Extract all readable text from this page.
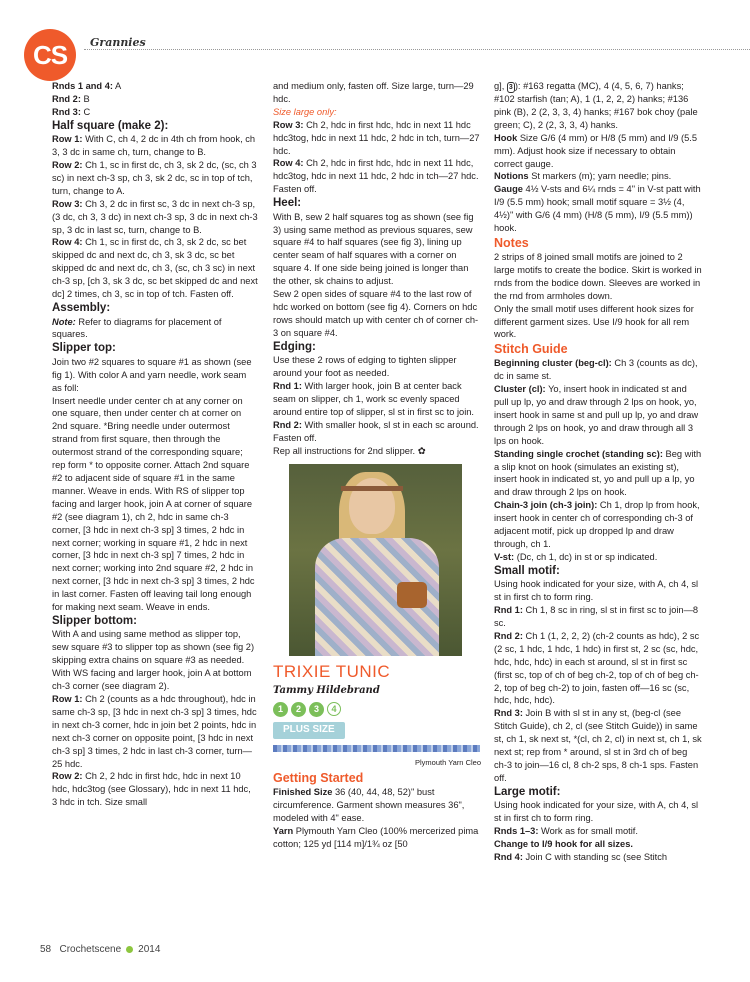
CS	Grannies

Rnds 1 and 4: A

Rnd 2: B

Rnd 3: C

Half square (make 2):

Row 1: With C, ch 4, 2 dc in 4th ch from hook, ch 3, 3 dc in same ch, turn, change to B.

Row 2: Ch 1, sc in first dc, ch 3, sk 2 dc, (sc, ch 3 sc) in next ch-3 sp, ch 3, sk 2 dc, sc in top of tch, turn, change to A.

Row 3: Ch 3, 2 dc in first sc, 3 dc in next ch-3 sp, (3 dc, ch 3, 3 dc) in next ch-3 sp, 3 dc in next ch-3 sp, 3 dc in last sc, turn, change to B.

Row 4: Ch 1, sc in first dc, ch 3, sk 2 dc, sc bet skipped dc and next dc, ch 3, sk 3 dc, sc bet skipped dc and next dc, ch 3, (sc, ch 3 sc) in next ch-3 sp, [ch 3, sk 3 dc, sc bet skipped dc and next dc] 2 times, ch 3, sc in top of tch. Fasten off.

Assembly:

Note: Refer to diagrams for placement of squares.

Slipper top:

Join two #2 squares to square #1 as shown (see fig 1). With color A and yarn needle, work seam as foll:

Insert needle under center ch at any corner on one square, then under center ch at corner on 2nd square. *Bring needle under outermost strand from first square, then through the outermost strand of the corresponding square; rep form * to opposite corner. Attach 2nd square #2 to adjacent side of square #1 in the same manner. Weave in ends. With RS of slipper top facing and larger hook, join A at corner of square #2 (see diagram 1), ch 2, hdc in same ch-3 corner, [3 hdc in next ch-3 sp] 3 times, 2 hdc in next corner; working in square #1, 2 hdc in next corner, [3 hdc in next ch-3 sp] 7 times, 2 hdc in next corner; working into 2nd square #2, 2 hdc in next corner, [3 hdc in next ch-3 sp] 3 times, 2 hdc in last corner. Fasten off leaving tail long enough for making next seam. Weave in ends.

Slipper bottom:

With A and using same method as slipper top, sew square #3 to slipper top as shown (see fig 2) skipping extra chains on square #3 as needed.

With WS facing and larger hook, join A at bottom ch-3 corner (see diagram 2).

Row 1: Ch 2 (counts as a hdc throughout), hdc in same ch-3 sp, [3 hdc in next ch-3 sp] 3 times, hdc in next ch-3 corner, hdc in join bet 2 points, hdc in next ch-3 corner on opposite point, [3 hdc in next ch-3 sp] 3 times, 2 hdc in last ch-3 corner, turn—25 hdc.

Row 2: Ch 2, 2 hdc in first hdc, hdc in next 10 hdc, hdc3tog (see Glossary), hdc in next 11 hdc, 3 hdc in tch. Size small

and medium only, fasten off. Size large, turn—29 hdc.

Size large only:

Row 3: Ch 2, hdc in first hdc, hdc in next 11 hdc hdc3tog, hdc in next 11 hdc, 2 hdc in tch, turn—27 hdc.

Row 4: Ch 2, hdc in first hdc, hdc in next 11 hdc, hdc3tog, hdc in next 11 hdc, 2 hdc in tch—27 hdc. Fasten off.

Heel:

With B, sew 2 half squares tog as shown (see fig 3) using same method as previous squares, sew square #4 to half squares (see fig 3), lining up center seam of half squares with a corner on square 4. If one side being joined is longer than the other, sk chains to adjust.

Sew 2 open sides of square #4 to the last row of hdc worked on bottom (see fig 4). Corners on hdc rows should match up with center ch of corner ch-3 on square #4.

Edging:

Use these 2 rows of edging to tighten slipper around your foot as needed.

Rnd 1: With larger hook, join B at center back seam on slipper, ch 1, work sc evenly spaced around entire top of slipper, sl st in first sc to join.

Rnd 2: With smaller hook, sl st in each sc around. Fasten off.

Rep all instructions for 2nd slipper. ✿

TRIXIE TUNIC
Tammy Hildebrand
1 2 3 4
PLUS SIZE
Plymouth Yarn Cleo

Getting Started

Finished Size 36 (40, 44, 48, 52)" bust circumference. Garment shown measures 36", modeled with 4" ease.

Yarn Plymouth Yarn Cleo (100% mercerized pima cotton; 125 yd [114 m]/1¾ oz [50

g], 3 ): #163 regatta (MC), 4 (4, 5, 6, 7) hanks; #102 starfish (tan; A), 1 (1, 2, 2, 2) hanks; #136 pink (B), 2 (2, 3, 3, 4) hanks; #167 bok choy (pale green; C), 2 (2, 3, 3, 4) hanks.

Hook Size G/6 (4 mm) or H/8 (5 mm) and I/9 (5.5 mm). Adjust hook size if necessary to obtain correct gauge.

Notions St markers (m); yarn needle; pins.

Gauge 4½ V-sts and 6¼ rnds = 4" in V-st patt with I/9 (5.5 mm) hook; small motif square = 3½ (4, 4½)" with G/6 (4 mm) (H/8 (5 mm), I/9 (5.5 mm)) hook.

Notes

2 strips of 8 joined small motifs are joined to 2 large motifs to create the bodice. Skirt is worked in rnds from the bodice down. Sleeves are worked in the rnd from armholes down.

Only the small motif uses different hook sizes for different garment sizes. Use I/9 hook for all rem work.

Stitch Guide

Beginning cluster (beg-cl): Ch 3 (counts as dc), dc in same st.

Cluster (cl): Yo, insert hook in indicated st and pull up lp, yo and draw through 2 lps on hook, yo, insert hook in same st and pull up lp, yo and draw through 2 lps on hook, yo and draw through all 3 lps on hook.

Standing single crochet (standing sc): Beg with a slip knot on hook (simulates an existing st), insert hook in indicated st, yo and pull up a lp, yo and draw through 2 lps on hook.

Chain-3 join (ch-3 join): Ch 1, drop lp from hook, insert hook in center ch of corresponding ch-3 of adjacent motif, pick up dropped lp and draw through, ch 1.

V-st: (Dc, ch 1, dc) in st or sp indicated.

Small motif:

Using hook indicated for your size, with A, ch 4, sl st in first ch to form ring.

Rnd 1: Ch 1, 8 sc in ring, sl st in first sc to join—8 sc.

Rnd 2: Ch 1 (1, 2, 2, 2) (ch-2 counts as hdc), 2 sc (2 sc, 1 hdc, 1 hdc, 1 hdc) in first st, 2 sc (sc, hdc, hdc, hdc, hdc) in each st around, sl st in first sc (first sc, top of ch of beg ch-2, top of ch of beg ch-2, top of beg ch-2) to join, fasten off—16 sc (sc, hdc, hdc, hdc).

Rnd 3: Join B with sl st in any st, (beg-cl (see Stitch Guide), ch 2, cl (see Stitch Guide)) in same st, ch 1, sk next st, *(cl, ch 2, cl) in next st, ch 1, sk next st; rep from * around, sl st in 3rd ch of beg ch-3 to join—16 cl, 8 ch-2 sps, 8 ch-1 sps. Fasten off.

Large motif:

Using hook indicated for your size, with A, ch 4, sl st in first ch to form ring.

Rnds 1–3: Work as for small motif.

Change to I/9 hook for all sizes.

Rnd 4: Join C with standing sc (see Stitch

58 Crochetscene 2014
